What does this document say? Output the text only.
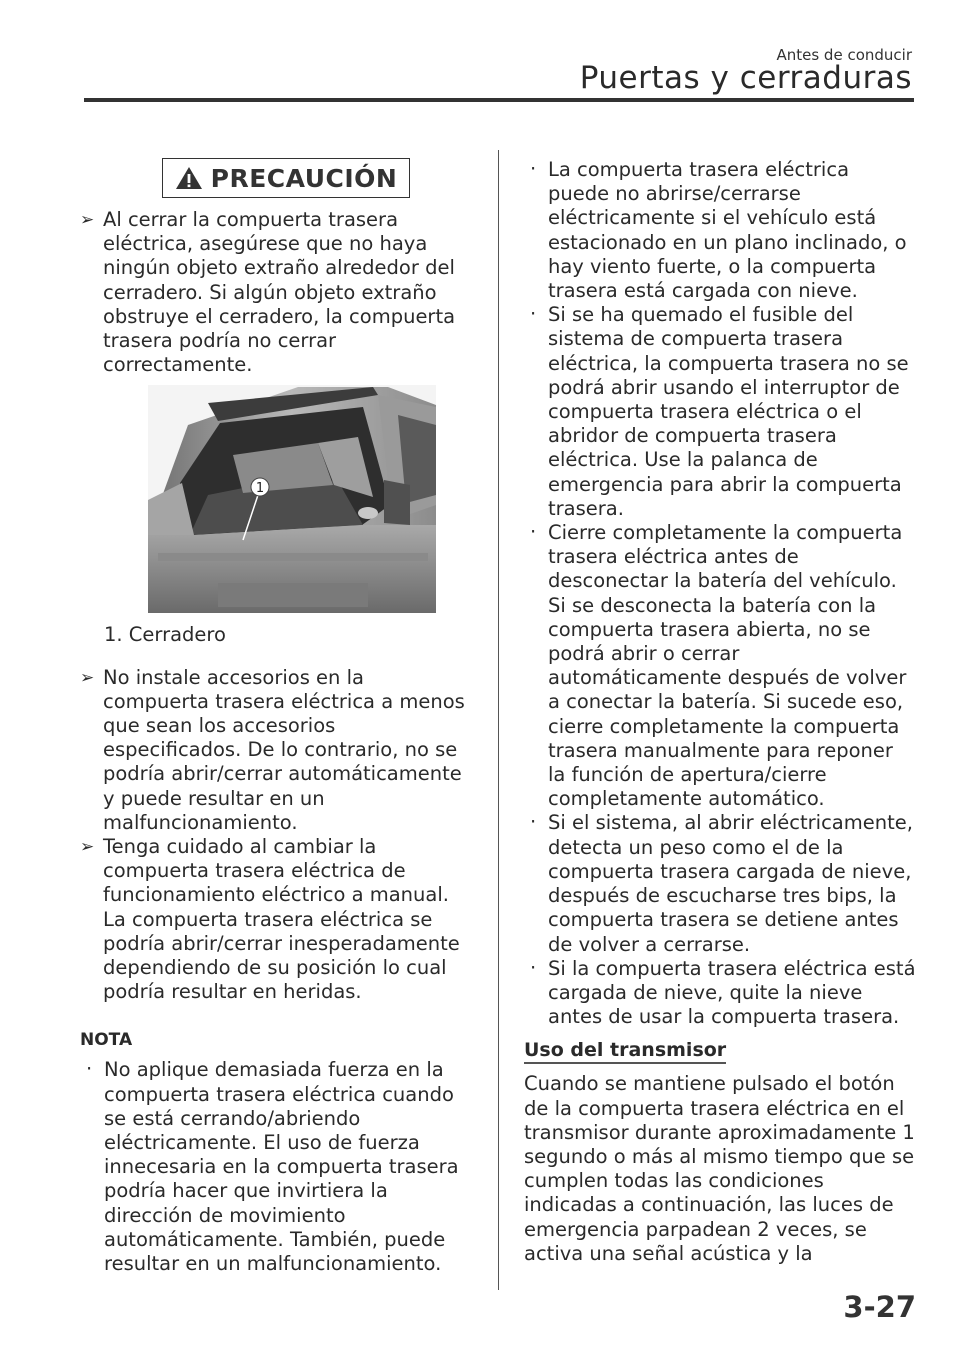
Antes de conducir
Puertas y cerraduras
PRECAUCIÓN
➢ Al cerrar la compuerta trasera eléctrica, asegúrese que no haya ningún objeto extraño alrededor del cerradero. Si algún objeto extraño obstruye el cerradero, la compuerta trasera podría no cerrar correctamente.
1
1. Cerradero
➢ No instale accesorios en la compuerta trasera eléctrica a menos que sean los accesorios especificados. De lo contrario, no se podría abrir/cerrar automáticamente y puede resultar en un malfuncionamiento.
➢ Tenga cuidado al cambiar la compuerta trasera eléctrica de funcionamiento eléctrico a manual. La compuerta trasera eléctrica se podría abrir/cerrar inesperadamente dependiendo de su posición lo cual podría resultar en heridas.
NOTA
· No aplique demasiada fuerza en la compuerta trasera eléctrica cuando se está cerrando/abriendo eléctricamente. El uso de fuerza innecesaria en la compuerta trasera podría hacer que invirtiera la dirección de movimiento automáticamente. También, puede resultar en un malfuncionamiento.
· La compuerta trasera eléctrica puede no abrirse/cerrarse eléctricamente si el vehículo está estacionado en un plano inclinado, o hay viento fuerte, o la compuerta trasera está cargada con nieve.
· Si se ha quemado el fusible del sistema de compuerta trasera eléctrica, la compuerta trasera no se podrá abrir usando el interruptor de compuerta trasera eléctrica o el abridor de compuerta trasera eléctrica. Use la palanca de emergencia para abrir la compuerta trasera.
· Cierre completamente la compuerta trasera eléctrica antes de desconectar la batería del vehículo. Si se desconecta la batería con la compuerta trasera abierta, no se podrá abrir o cerrar automáticamente después de volver a conectar la batería. Si sucede eso, cierre completamente la compuerta trasera manualmente para reponer la función de apertura/cierre completamente automático.
· Si el sistema, al abrir eléctricamente, detecta un peso como el de la compuerta trasera cargada de nieve, después de escucharse tres bips, la compuerta trasera se detiene antes de volver a cerrarse.
· Si la compuerta trasera eléctrica está cargada de nieve, quite la nieve antes de usar la compuerta trasera.
Uso del transmisor
Cuando se mantiene pulsado el botón de la compuerta trasera eléctrica en el transmisor durante aproximadamente 1 segundo o más al mismo tiempo que se cumplen todas las condiciones indicadas a continuación, las luces de emergencia parpadean 2 veces, se activa una señal acústica y la
3-27
